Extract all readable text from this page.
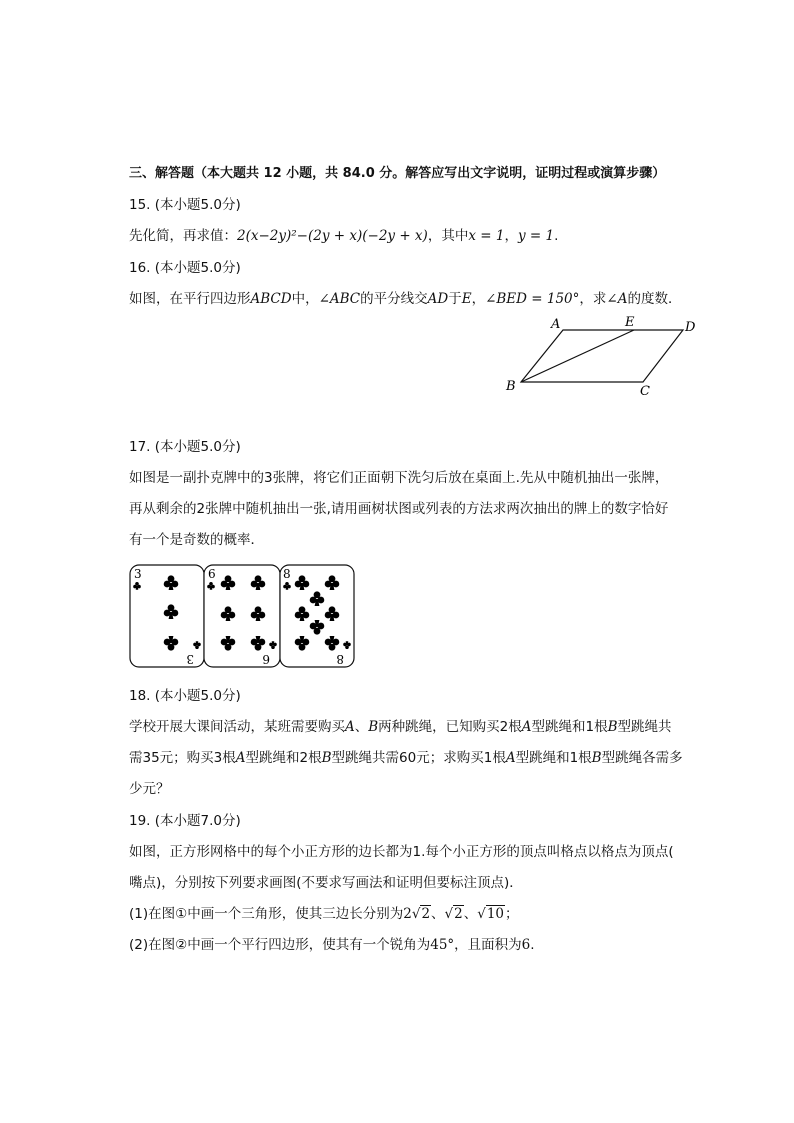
三、解答题（本大题共 12 小题，共 84.0 分。解答应写出文字说明，证明过程或演算步骤）
15. (本小题5.0分)
先化简，再求值：2(x−2y)²−(2y + x)(−2y + x)，其中x = 1，y = 1.
16. (本小题5.0分)
如图，在平行四边形ABCD中，∠ABC的平分线交AD于E，∠BED = 150°，求∠A的度数．
A	E	D
B	C
17. (本小题5.0分)
如图是一副扑克牌中的3张牌，将它们正面朝下洗匀后放在桌面上.先从中随机抽出一张牌，
再从剩余的2张牌中随机抽出一张,请用画树状图或列表的方法求两次抽出的牌上的数字恰好
有一个是奇数的概率．
3
3
6
6
8
8
18. (本小题5.0分)
学校开展大课间活动，某班需要购买A、B两种跳绳，已知购买2根A型跳绳和1根B型跳绳共
需35元；购买3根A型跳绳和2根B型跳绳共需60元；求购买1根A型跳绳和1根B型跳绳各需多
少元？
19. (本小题7.0分)
如图，正方形网格中的每个小正方形的边长都为1.每个小正方形的顶点叫格点以格点为顶点(
嘴点)，分别按下列要求画图(不要求写画法和证明但要标注顶点)．
(1)在图①中画一个三角形，使其三边长分别为2√2、√2、√10；
(2)在图②中画一个平行四边形，使其有一个锐角为45°，且面积为6.
